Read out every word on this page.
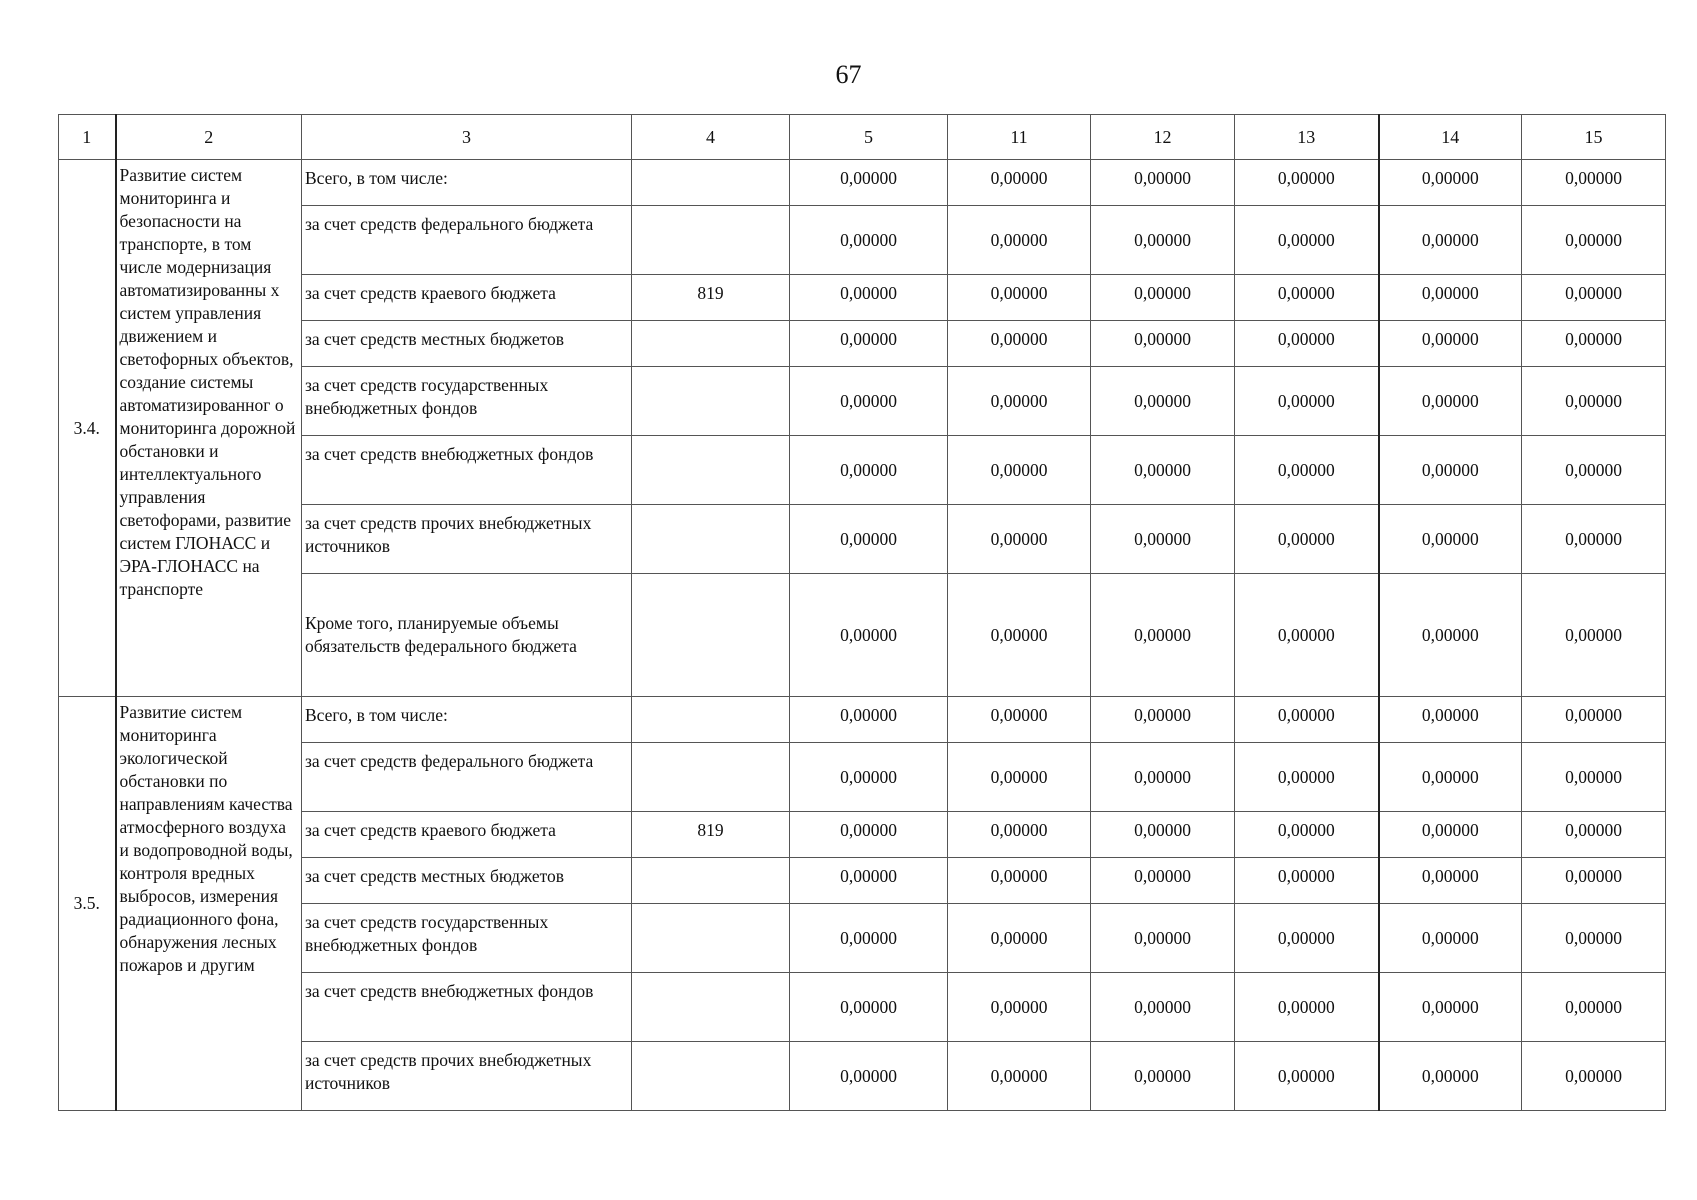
67
1	2	3	4	5	11	12	13	14	15
3.4.	Развитие систем мониторинга и безопасности на транспорте, в том числе модернизация автоматизированны х систем управления движением и светофорных объектов, создание системы автоматизированног о мониторинга дорожной обстановки и интеллектуального управления светофорами, развитие систем ГЛОНАСС и ЭРА-ГЛОНАСС на транспорте	Всего, в том числе:		0,00000	0,00000	0,00000	0,00000	0,00000	0,00000
		за счет средств федерального бюджета		0,00000	0,00000	0,00000	0,00000	0,00000	0,00000
		за счет средств краевого бюджета	819	0,00000	0,00000	0,00000	0,00000	0,00000	0,00000
		за счет средств местных бюджетов		0,00000	0,00000	0,00000	0,00000	0,00000	0,00000
		за счет средств государственных внебюджетных фондов		0,00000	0,00000	0,00000	0,00000	0,00000	0,00000
		за счет средств внебюджетных фондов		0,00000	0,00000	0,00000	0,00000	0,00000	0,00000
		за счет средств прочих внебюджетных источников		0,00000	0,00000	0,00000	0,00000	0,00000	0,00000
		Кроме того, планируемые объемы обязательств федерального бюджета		0,00000	0,00000	0,00000	0,00000	0,00000	0,00000
3.5.	Развитие систем мониторинга экологической обстановки по направлениям качества атмосферного воздуха и водопроводной воды, контроля вредных выбросов, измерения радиационного фона, обнаружения лесных пожаров и другим	Всего, в том числе:		0,00000	0,00000	0,00000	0,00000	0,00000	0,00000
		за счет средств федерального бюджета		0,00000	0,00000	0,00000	0,00000	0,00000	0,00000
		за счет средств краевого бюджета	819	0,00000	0,00000	0,00000	0,00000	0,00000	0,00000
		за счет средств местных бюджетов		0,00000	0,00000	0,00000	0,00000	0,00000	0,00000
		за счет средств государственных внебюджетных фондов		0,00000	0,00000	0,00000	0,00000	0,00000	0,00000
		за счет средств внебюджетных фондов		0,00000	0,00000	0,00000	0,00000	0,00000	0,00000
		за счет средств прочих внебюджетных источников		0,00000	0,00000	0,00000	0,00000	0,00000	0,00000
